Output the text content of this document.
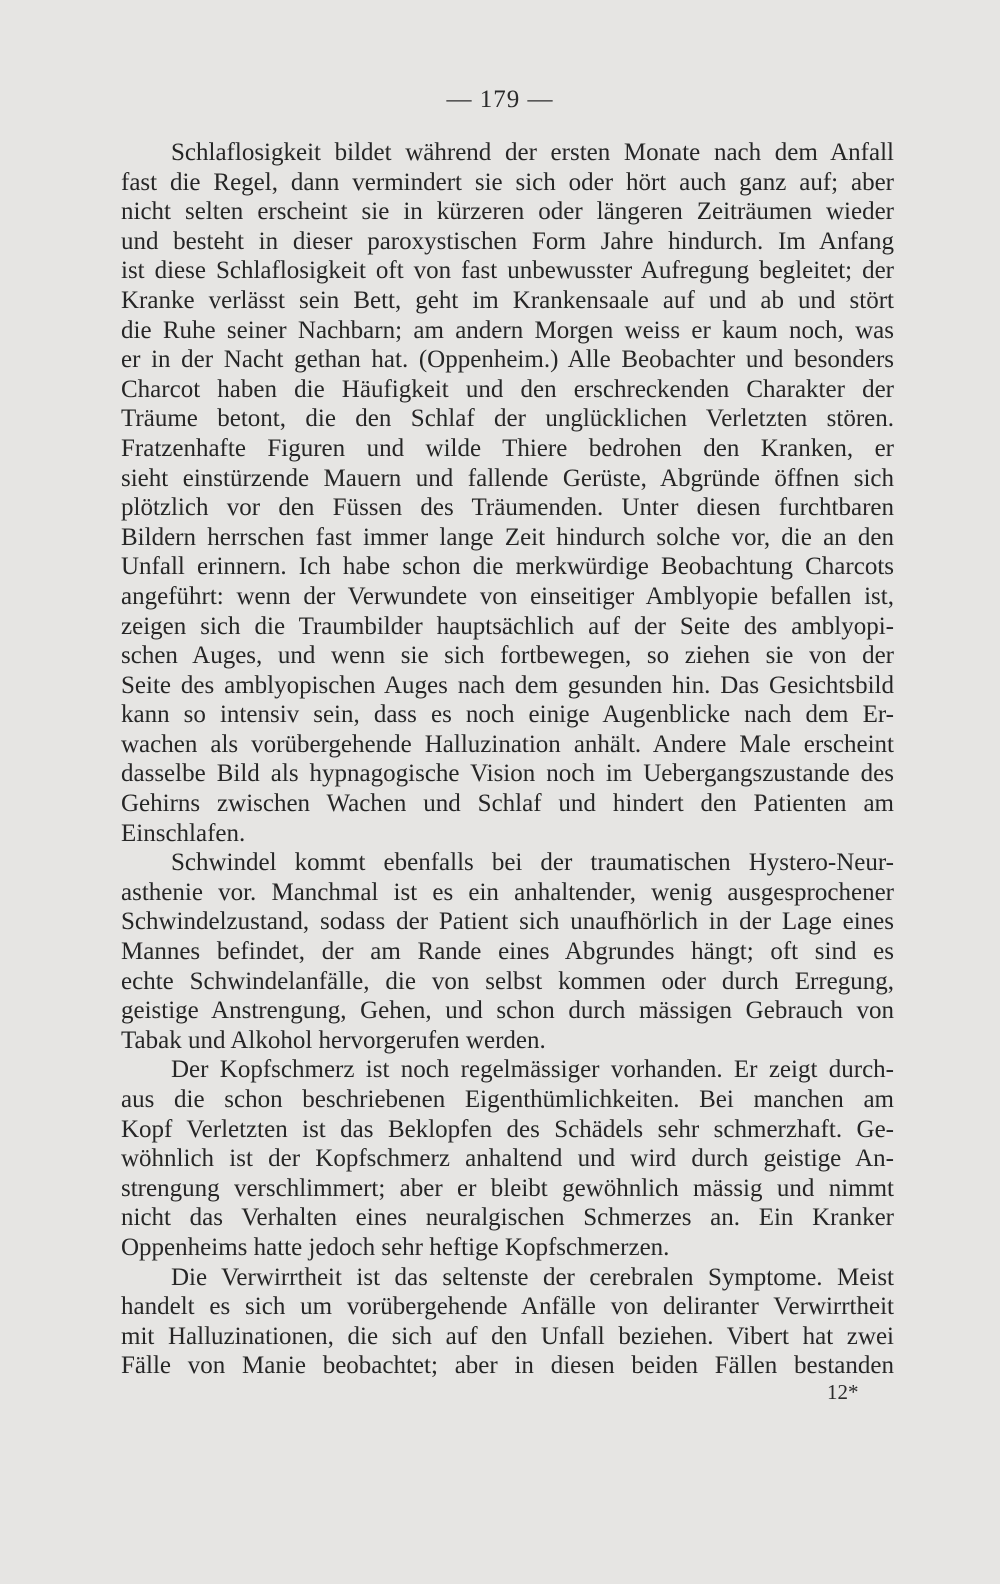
— 179 —
Schlaflosigkeit bildet während der ersten Monate nach dem Anfall
fast die Regel, dann vermindert sie sich oder hört auch ganz auf; aber
nicht selten erscheint sie in kürzeren oder längeren Zeiträumen wieder
und besteht in dieser paroxystischen Form Jahre hindurch. Im Anfang
ist diese Schlaflosigkeit oft von fast unbewusster Aufregung begleitet; der
Kranke verlässt sein Bett, geht im Krankensaale auf und ab und stört
die Ruhe seiner Nachbarn; am andern Morgen weiss er kaum noch, was
er in der Nacht gethan hat. (Oppenheim.) Alle Beobachter und besonders
Charcot haben die Häufigkeit und den erschreckenden Charakter der
Träume betont, die den Schlaf der unglücklichen Verletzten stören.
Fratzenhafte Figuren und wilde Thiere bedrohen den Kranken, er
sieht einstürzende Mauern und fallende Gerüste, Abgründe öffnen sich
plötzlich vor den Füssen des Träumenden. Unter diesen furchtbaren
Bildern herrschen fast immer lange Zeit hindurch solche vor, die an den
Unfall erinnern. Ich habe schon die merkwürdige Beobachtung Charcots
angeführt: wenn der Verwundete von einseitiger Amblyopie befallen ist,
zeigen sich die Traumbilder hauptsächlich auf der Seite des amblyopi-
schen Auges, und wenn sie sich fortbewegen, so ziehen sie von der
Seite des amblyopischen Auges nach dem gesunden hin. Das Gesichtsbild
kann so intensiv sein, dass es noch einige Augenblicke nach dem Er-
wachen als vorübergehende Halluzination anhält. Andere Male erscheint
dasselbe Bild als hypnagogische Vision noch im Uebergangszustande des
Gehirns zwischen Wachen und Schlaf und hindert den Patienten am
Einschlafen.
Schwindel kommt ebenfalls bei der traumatischen Hystero-Neur-
asthenie vor. Manchmal ist es ein anhaltender, wenig ausgesprochener
Schwindelzustand, sodass der Patient sich unaufhörlich in der Lage eines
Mannes befindet, der am Rande eines Abgrundes hängt; oft sind es
echte Schwindelanfälle, die von selbst kommen oder durch Erregung,
geistige Anstrengung, Gehen, und schon durch mässigen Gebrauch von
Tabak und Alkohol hervorgerufen werden.
Der Kopfschmerz ist noch regelmässiger vorhanden. Er zeigt durch-
aus die schon beschriebenen Eigenthümlichkeiten. Bei manchen am
Kopf Verletzten ist das Beklopfen des Schädels sehr schmerzhaft. Ge-
wöhnlich ist der Kopfschmerz anhaltend und wird durch geistige An-
strengung verschlimmert; aber er bleibt gewöhnlich mässig und nimmt
nicht das Verhalten eines neuralgischen Schmerzes an. Ein Kranker
Oppenheims hatte jedoch sehr heftige Kopfschmerzen.
Die Verwirrtheit ist das seltenste der cerebralen Symptome. Meist
handelt es sich um vorübergehende Anfälle von deliranter Verwirrtheit
mit Halluzinationen, die sich auf den Unfall beziehen. Vibert hat zwei
Fälle von Manie beobachtet; aber in diesen beiden Fällen bestanden
12*
